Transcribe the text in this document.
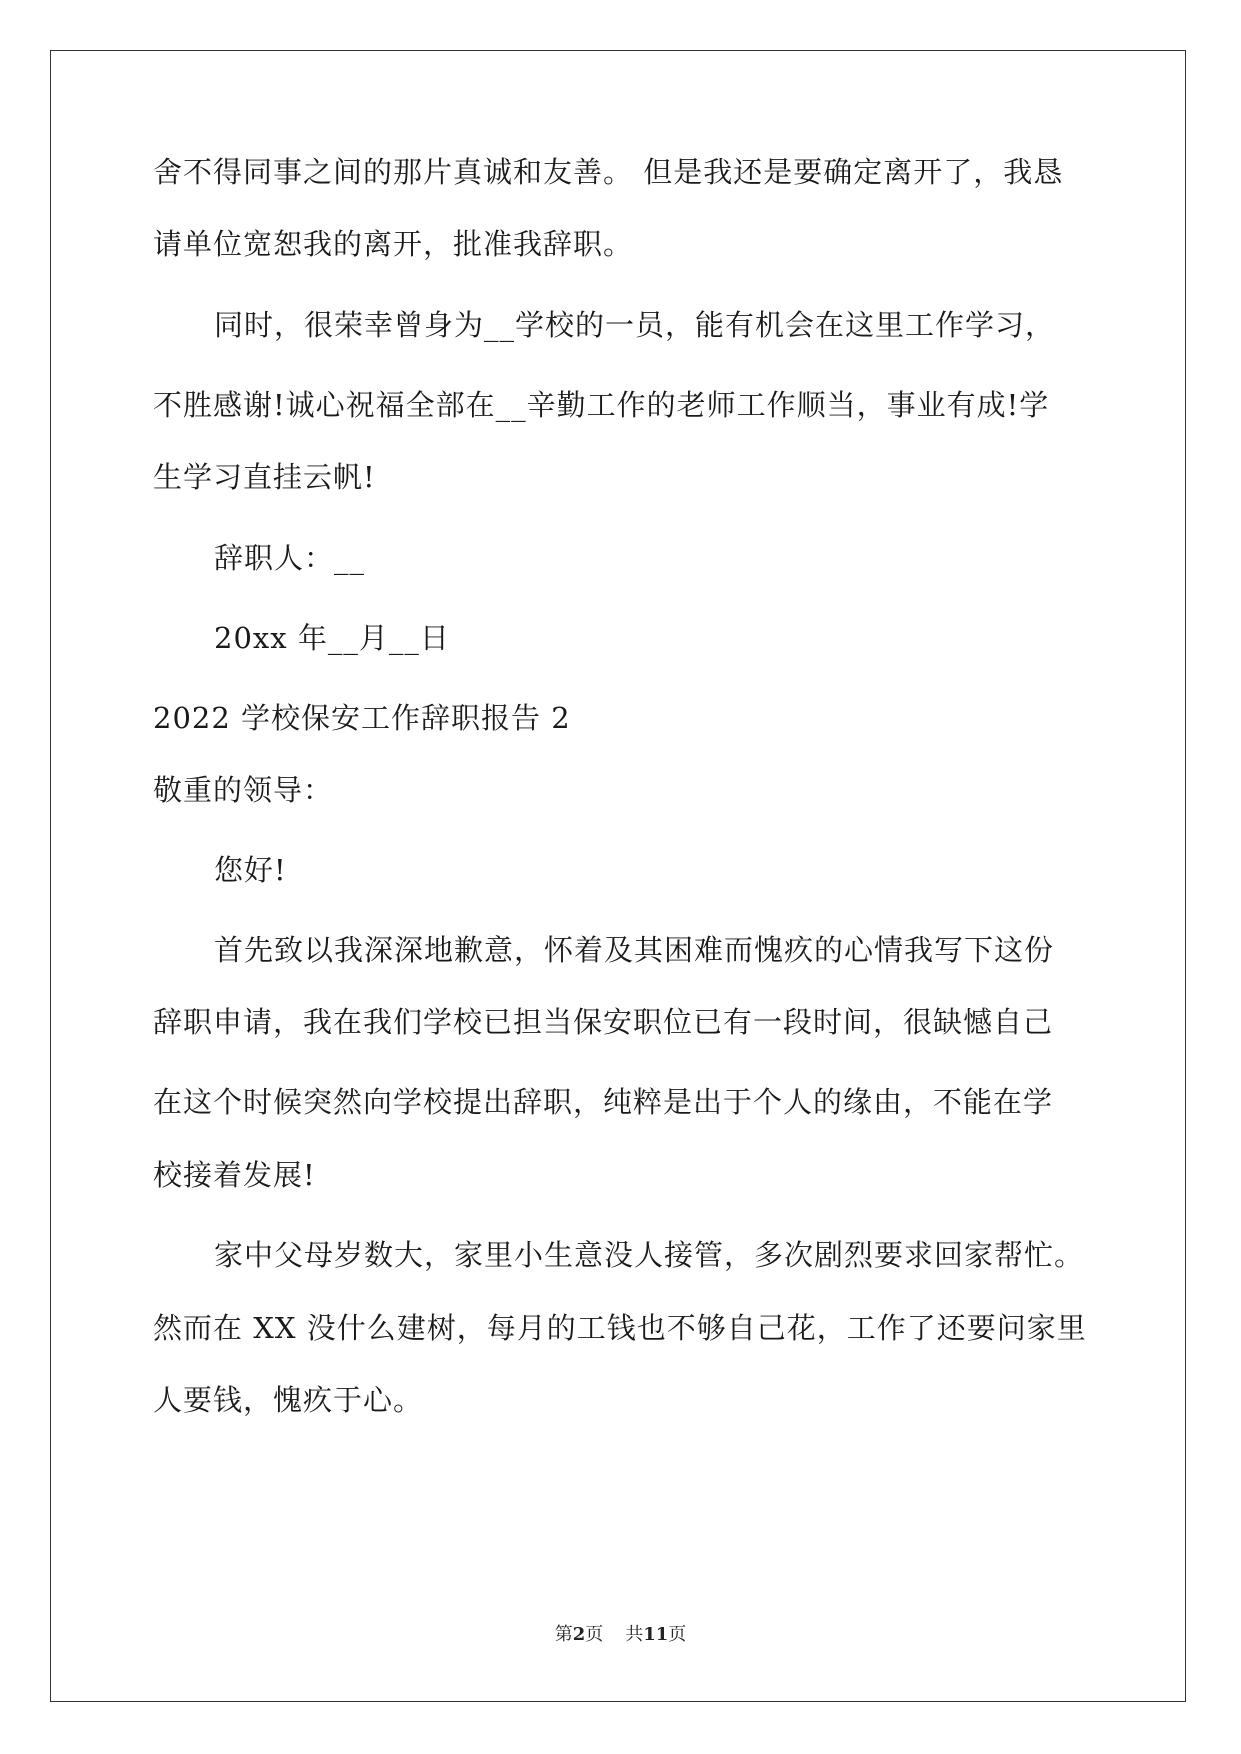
舍不得同事之间的那片真诚和友善。 但是我还是要确定离开了，我恳
请单位宽恕我的离开，批准我辞职。
同时，很荣幸曾身为__学校的一员，能有机会在这里工作学习，
不胜感谢!诚心祝福全部在__辛勤工作的老师工作顺当，事业有成!学
生学习直挂云帆!
辞职人：__
20xx 年__月__日
2022 学校保安工作辞职报告 2
敬重的领导：
您好!
首先致以我深深地歉意，怀着及其困难而愧疚的心情我写下这份
辞职申请，我在我们学校已担当保安职位已有一段时间，很缺憾自己
在这个时候突然向学校提出辞职，纯粹是出于个人的缘由，不能在学
校接着发展!
家中父母岁数大，家里小生意没人接管，多次剧烈要求回家帮忙。
然而在 XX 没什么建树，每月的工钱也不够自己花，工作了还要问家里
人要钱，愧疚于心。
第2页 共11页
